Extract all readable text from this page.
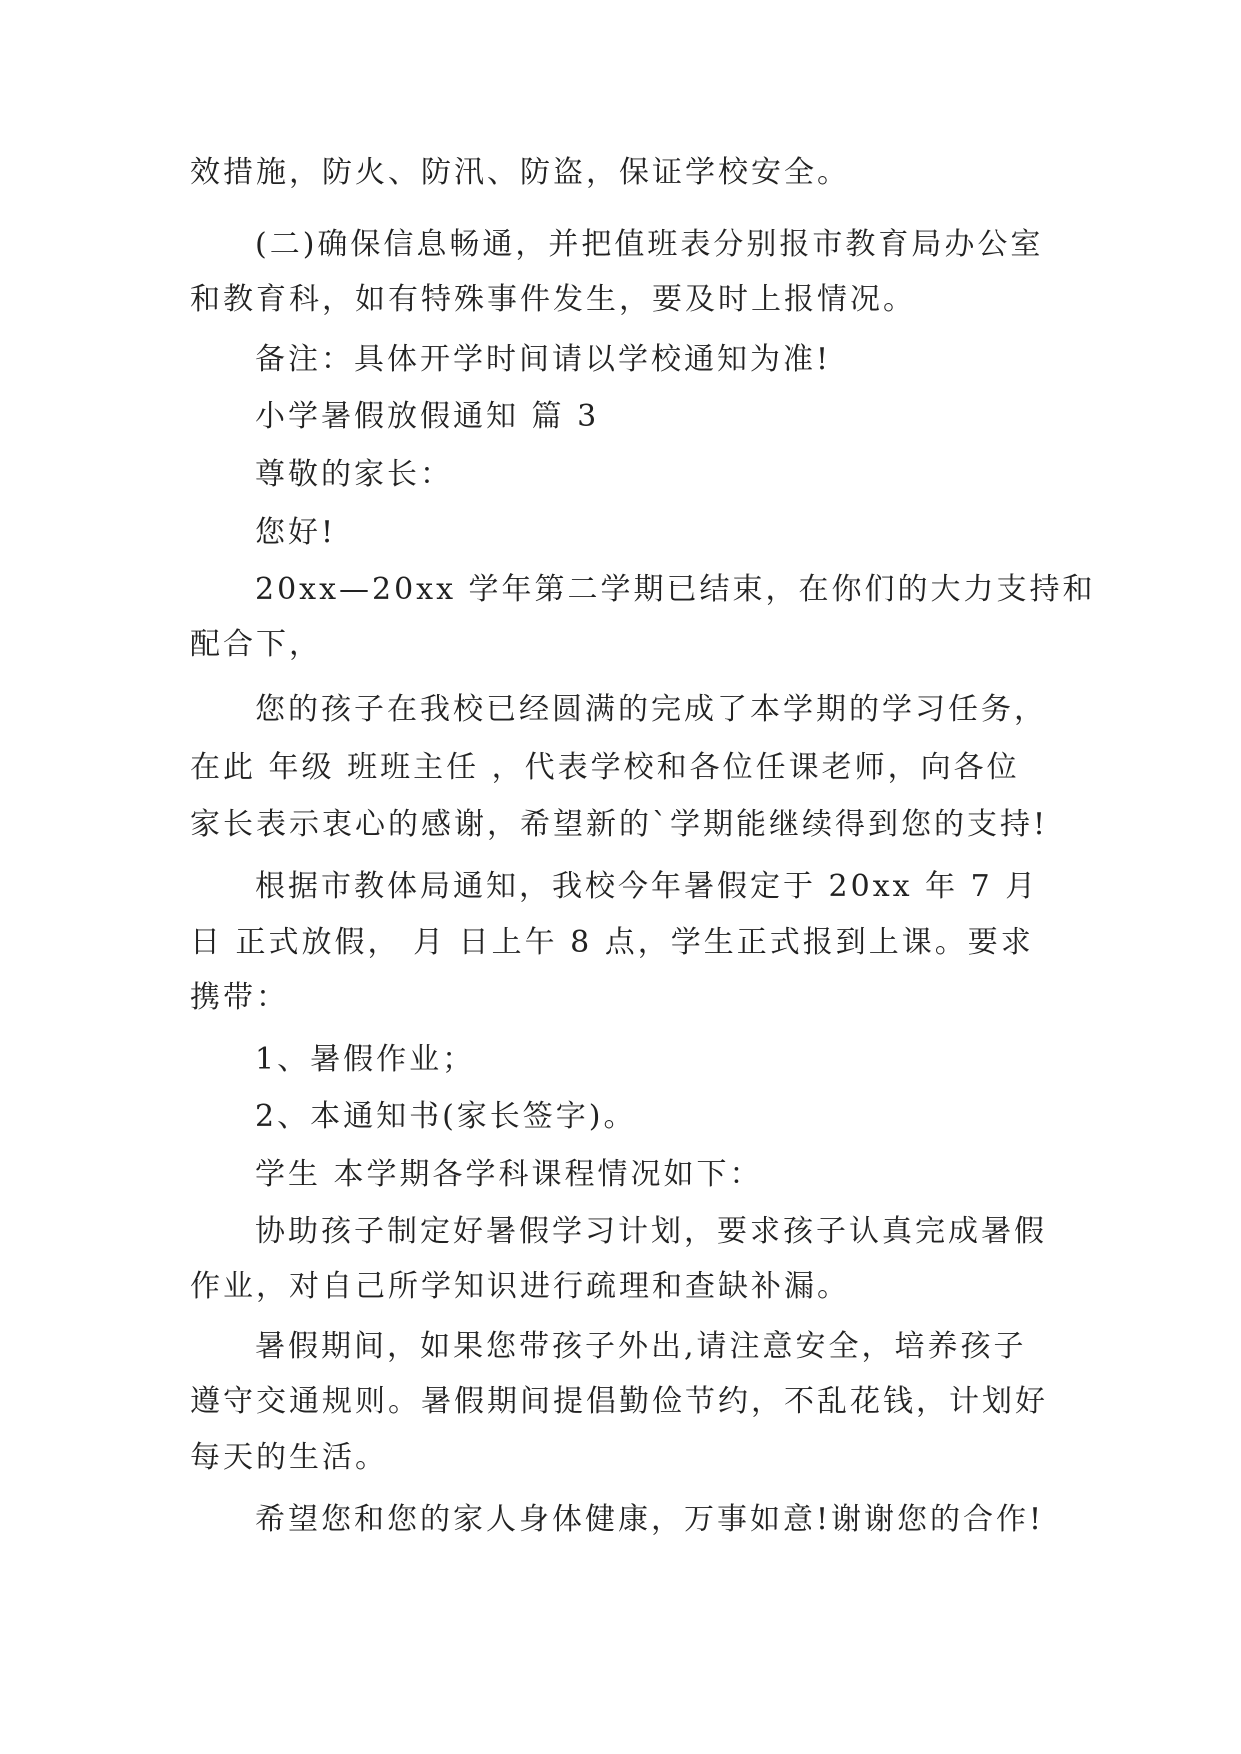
效措施，防火、防汛、防盗，保证学校安全。
(二)确保信息畅通，并把值班表分别报市教育局办公室
和教育科，如有特殊事件发生，要及时上报情况。
备注：具体开学时间请以学校通知为准!
小学暑假放假通知 篇 3
尊敬的家长：
您好!
20xx—20xx 学年第二学期已结束，在你们的大力支持和
配合下，
您的孩子在我校已经圆满的完成了本学期的学习任务，
在此 年级 班班主任 ，代表学校和各位任课老师，向各位
家长表示衷心的感谢，希望新的`学期能继续得到您的支持!
根据市教体局通知，我校今年暑假定于 20xx 年 7 月
日 正式放假， 月 日上午 8 点，学生正式报到上课。要求
携带：
1、暑假作业；
2、本通知书(家长签字)。
学生 本学期各学科课程情况如下：
协助孩子制定好暑假学习计划，要求孩子认真完成暑假
作业，对自己所学知识进行疏理和查缺补漏。
暑假期间，如果您带孩子外出,请注意安全，培养孩子
遵守交通规则。暑假期间提倡勤俭节约，不乱花钱，计划好
每天的生活。
希望您和您的家人身体健康，万事如意!谢谢您的合作!
